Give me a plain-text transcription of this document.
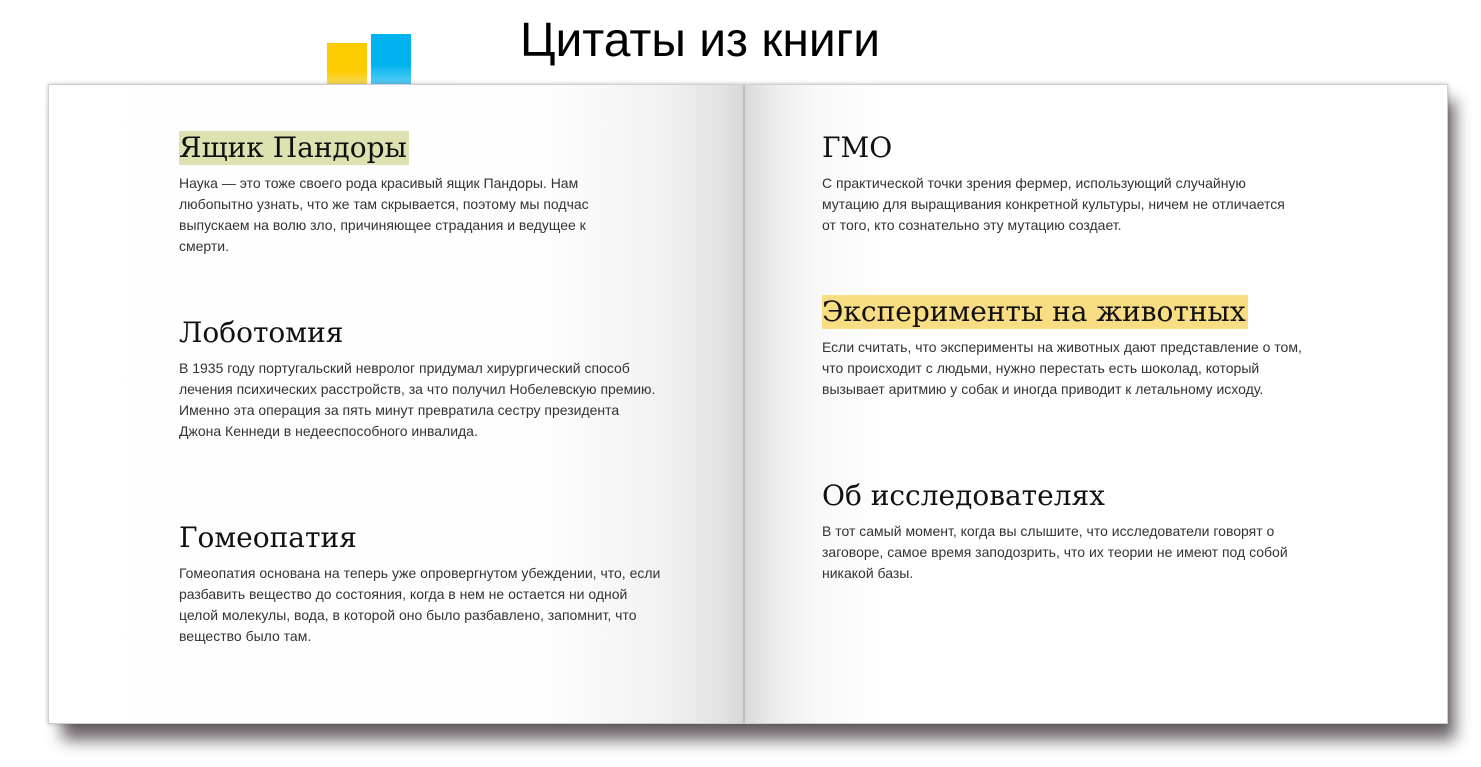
Цитаты из книги
Ящик Пандоры

Наука — это тоже своего рода красивый ящик Пандоры. Нам любопытно узнать, что же там скрывается, поэтому мы подчас выпускаем на волю зло, причиняющее страдания и ведущее к смерти.

Лоботомия

В 1935 году португальский невролог придумал хирургический способ лечения психических расстройств, за что получил Нобелевскую премию. Именно эта операция за пять минут превратила сестру президента Джона Кеннеди в недееспособного инвалида.

Гомеопатия

Гомеопатия основана на теперь уже опровергнутом убеждении, что, если разбавить вещество до состояния, когда в нем не остается ни одной целой молекулы, вода, в которой оно было разбавлено, запомнит, что вещество было там.

ГМО

С практической точки зрения фермер, использующий случайную мутацию для выращивания конкретной культуры, ничем не отличается от того, кто сознательно эту мутацию создает.

Эксперименты на животных

Если считать, что эксперименты на животных дают представление о том, что происходит с людьми, нужно перестать есть шоколад, который вызывает аритмию у собак и иногда приводит к летальному исходу.

Об исследователях

В тот самый момент, когда вы слышите, что исследователи говорят о заговоре, самое время заподозрить, что их теории не имеют под собой никакой базы.
